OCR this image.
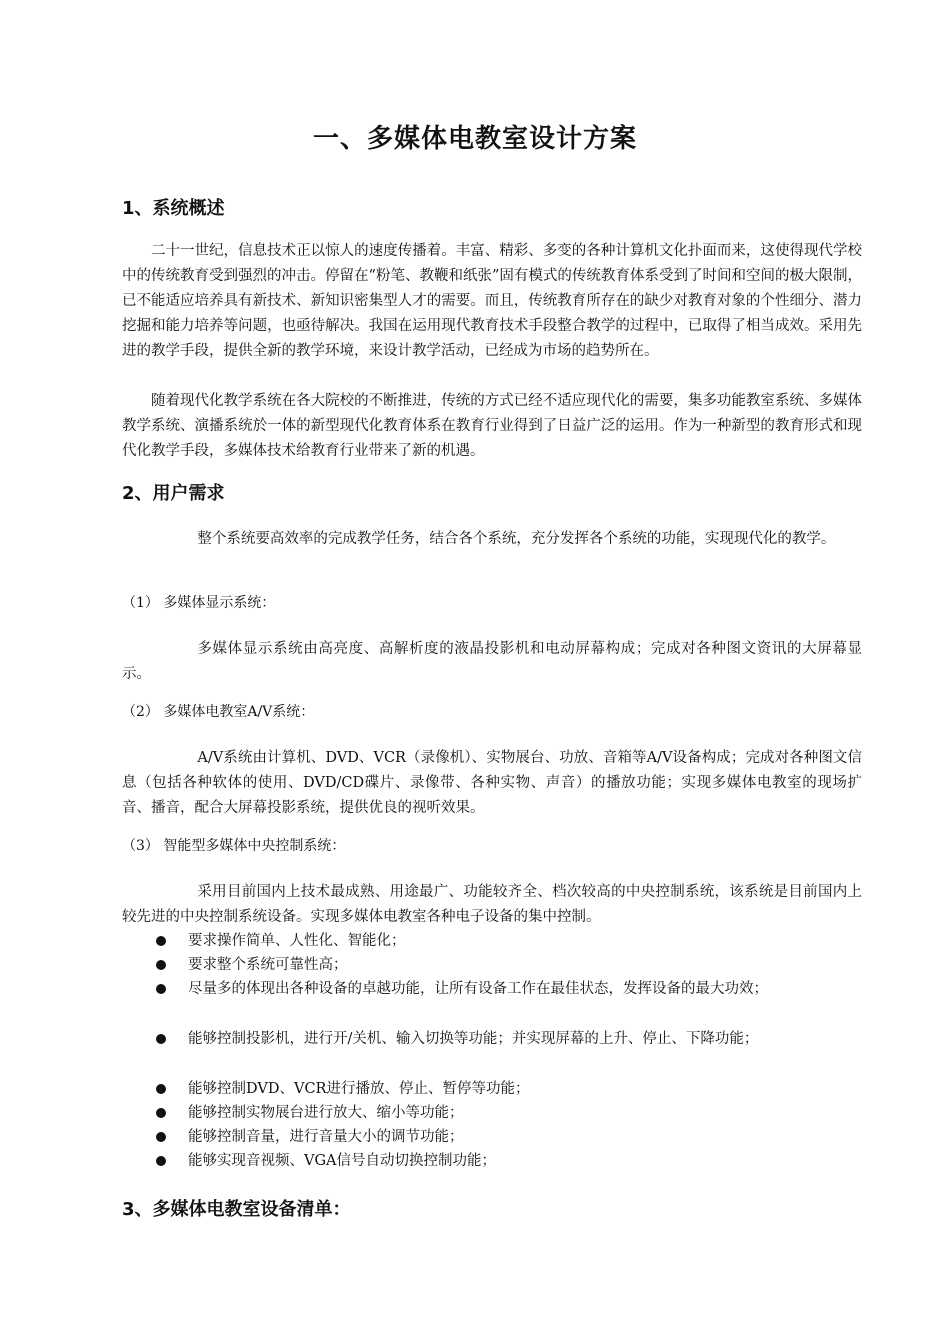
一、多媒体电教室设计方案
1、系统概述
二十一世纪，信息技术正以惊人的速度传播着。丰富、精彩、多变的各种计算机文化扑面而来，这使得现代学校中的传统教育受到强烈的冲击。停留在“粉笔、教鞭和纸张”固有模式的传统教育体系受到了时间和空间的极大限制，已不能适应培养具有新技术、新知识密集型人才的需要。而且，传统教育所存在的缺少对教育对象的个性细分、潜力挖掘和能力培养等问题，也亟待解决。我国在运用现代教育技术手段整合教学的过程中，已取得了相当成效。采用先进的教学手段，提供全新的教学环境，来设计教学活动，已经成为市场的趋势所在。
随着现代化教学系统在各大院校的不断推进，传统的方式已经不适应现代化的需要，集多功能教室系统、多媒体教学系统、演播系统於一体的新型现代化教育体系在教育行业得到了日益广泛的运用。作为一种新型的教育形式和现代化教学手段，多媒体技术给教育行业带来了新的机遇。
2、用户需求
整个系统要高效率的完成教学任务，结合各个系统，充分发挥各个系统的功能，实现现代化的教学。
（1） 多媒体显示系统：
多媒体显示系统由高亮度、高解析度的液晶投影机和电动屏幕构成；完成对各种图文资讯的大屏幕显示。
（2） 多媒体电教室A/V系统：
A/V系统由计算机、DVD、VCR（录像机）、实物展台、功放、音箱等A/V设备构成；完成对各种图文信息（包括各种软体的使用、DVD/CD碟片、录像带、各种实物、声音）的播放功能；实现多媒体电教室的现场扩音、播音，配合大屏幕投影系统，提供优良的视听效果。
（3） 智能型多媒体中央控制系统：
采用目前国内上技术最成熟、用途最广、功能较齐全、档次较高的中央控制系统，该系统是目前国内上较先进的中央控制系统设备。实现多媒体电教室各种电子设备的集中控制。
要求操作简单、人性化、智能化；
要求整个系统可靠性高；
尽量多的体现出各种设备的卓越功能，让所有设备工作在最佳状态，发挥设备的最大功效；
能够控制投影机，进行开/关机、输入切换等功能；并实现屏幕的上升、停止、下降功能；
能够控制DVD、VCR进行播放、停止、暂停等功能；
能够控制实物展台进行放大、缩小等功能；
能够控制音量，进行音量大小的调节功能；
能够实现音视频、VGA信号自动切换控制功能；
3、多媒体电教室设备清单：
